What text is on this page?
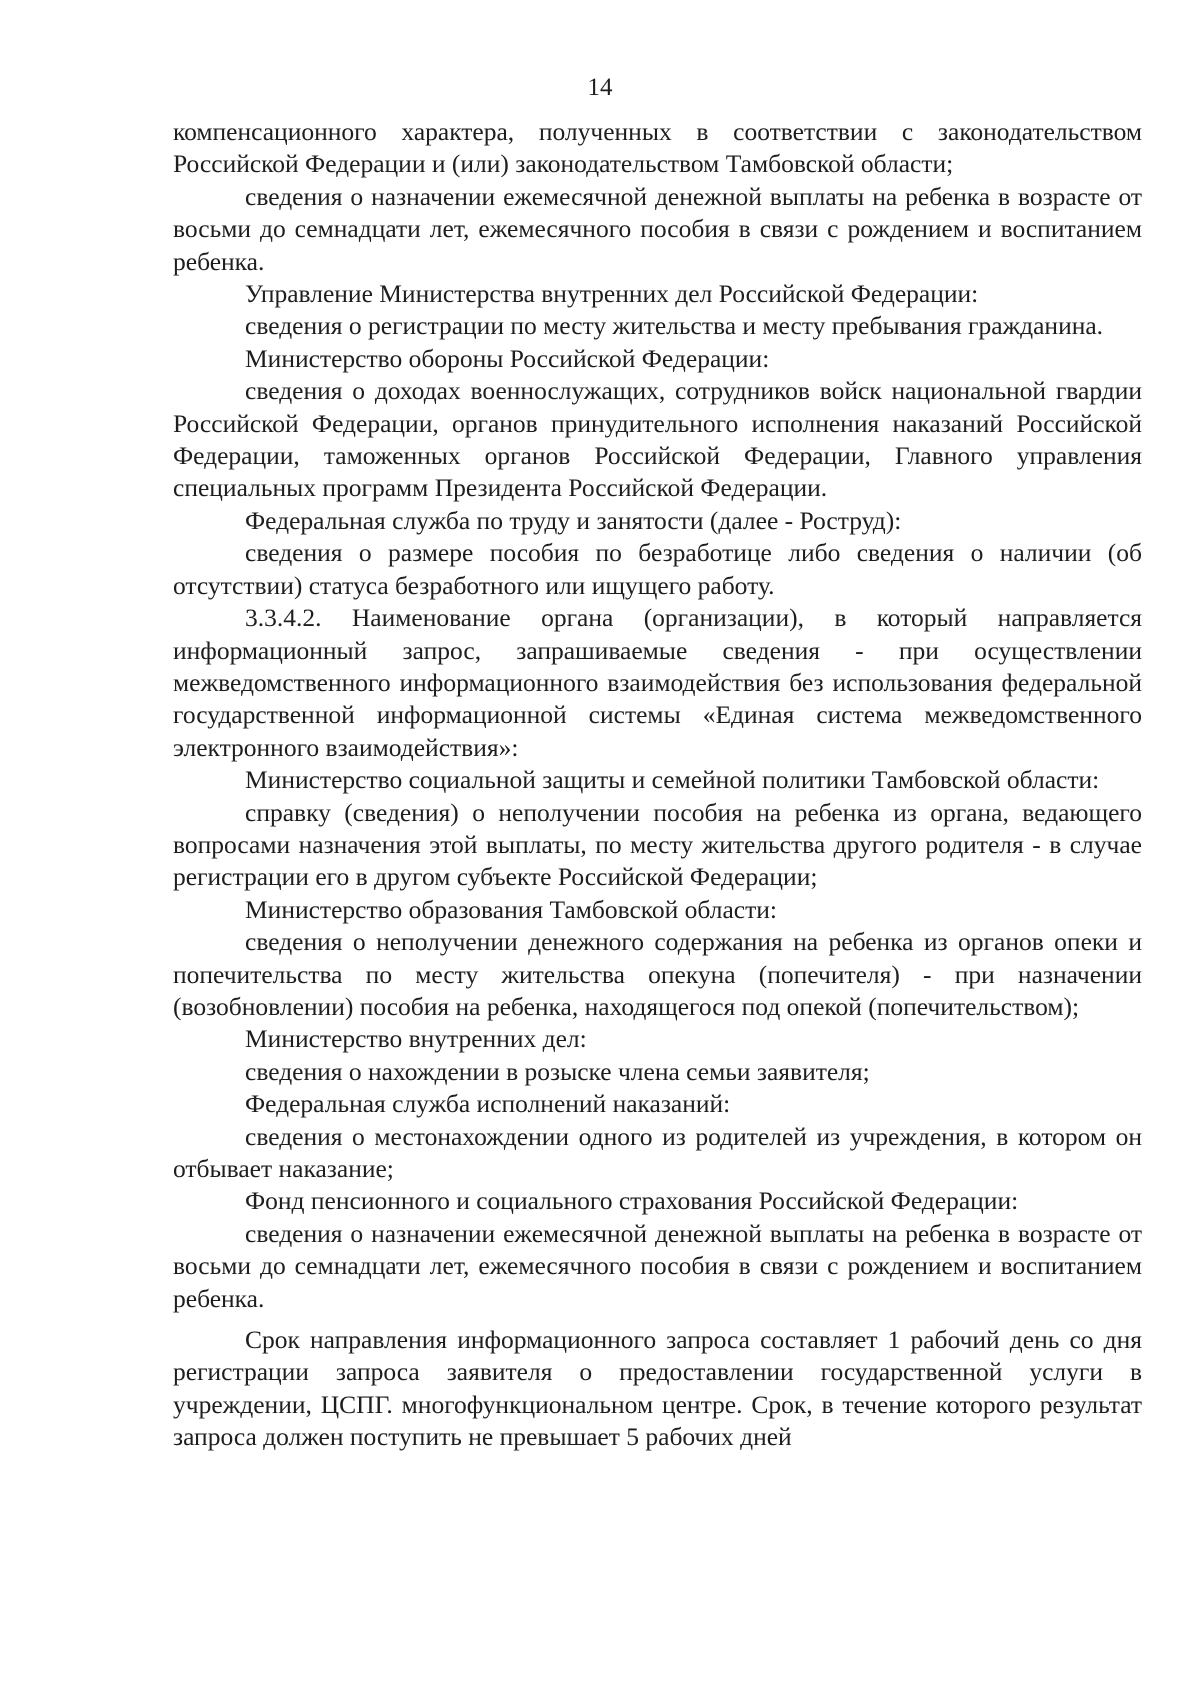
14

компенсационного характера, полученных в соответствии с законодательством Российской Федерации и (или) законодательством Тамбовской области;

сведения о назначении ежемесячной денежной выплаты на ребенка в возрасте от восьми до семнадцати лет, ежемесячного пособия в связи с рождением и воспитанием ребенка.

Управление Министерства внутренних дел Российской Федерации:

сведения о регистрации по месту жительства и месту пребывания гражданина.

Министерство обороны Российской Федерации:

сведения о доходах военнослужащих, сотрудников войск национальной гвардии Российской Федерации, органов принудительного исполнения наказаний Российской Федерации, таможенных органов Российской Федерации, Главного управления специальных программ Президента Российской Федерации.

Федеральная служба по труду и занятости (далее - Роструд):

сведения о размере пособия по безработице либо сведения о наличии (об отсутствии) статуса безработного или ищущего работу.

3.3.4.2. Наименование органа (организации), в который направляется информационный запрос, запрашиваемые сведения - при осуществлении межведомственного информационного взаимодействия без использования федеральной государственной информационной системы «Единая система межведомственного электронного взаимодействия»:

Министерство социальной защиты и семейной политики Тамбовской области:

справку (сведения) о неполучении пособия на ребенка из органа, ведающего вопросами назначения этой выплаты, по месту жительства другого родителя - в случае регистрации его в другом субъекте Российской Федерации;

Министерство образования Тамбовской области:

сведения о неполучении денежного содержания на ребенка из органов опеки и попечительства по месту жительства опекуна (попечителя) - при назначении (возобновлении) пособия на ребенка, находящегося под опекой (попечительством);

Министерство внутренних дел:

сведения о нахождении в розыске члена семьи заявителя;

Федеральная служба исполнений наказаний:

сведения о местонахождении одного из родителей из учреждения, в котором он отбывает наказание;

Фонд пенсионного и социального страхования Российской Федерации:

сведения о назначении ежемесячной денежной выплаты на ребенка в возрасте от восьми до семнадцати лет, ежемесячного пособия в связи с рождением и воспитанием ребенка.

Срок направления информационного запроса составляет 1 рабочий день со дня регистрации запроса заявителя о предоставлении государственной услуги в учреждении, ЦСПГ. многофункциональном центре. Срок, в течение которого результат запроса должен поступить не превышает 5 рабочих дней
